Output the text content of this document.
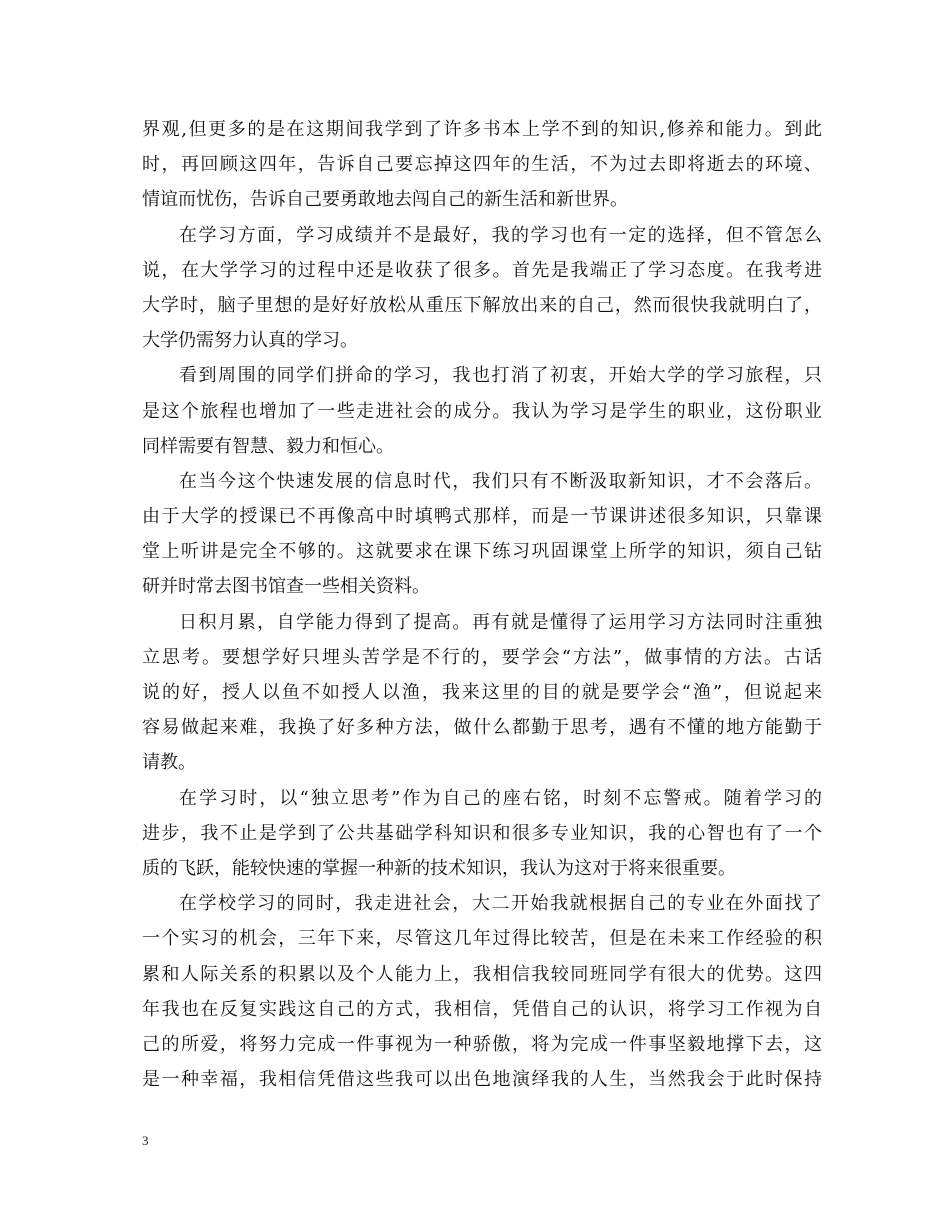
界观,但更多的是在这期间我学到了许多书本上学不到的知识,修养和能力。到此
时，再回顾这四年，告诉自己要忘掉这四年的生活，不为过去即将逝去的环境、
情谊而忧伤，告诉自己要勇敢地去闯自己的新生活和新世界。
在学习方面，学习成绩并不是最好，我的学习也有一定的选择，但不管怎么
说，在大学学习的过程中还是收获了很多。首先是我端正了学习态度。在我考进
大学时，脑子里想的是好好放松从重压下解放出来的自己，然而很快我就明白了，
大学仍需努力认真的学习。
看到周围的同学们拼命的学习，我也打消了初衷，开始大学的学习旅程，只
是这个旅程也增加了一些走进社会的成分。我认为学习是学生的职业，这份职业
同样需要有智慧、毅力和恒心。
在当今这个快速发展的信息时代，我们只有不断汲取新知识，才不会落后。
由于大学的授课已不再像高中时填鸭式那样，而是一节课讲述很多知识，只靠课
堂上听讲是完全不够的。这就要求在课下练习巩固课堂上所学的知识，须自己钻
研并时常去图书馆查一些相关资料。
日积月累，自学能力得到了提高。再有就是懂得了运用学习方法同时注重独
立思考。要想学好只埋头苦学是不行的，要学会“方法”，做事情的方法。古话
说的好，授人以鱼不如授人以渔，我来这里的目的就是要学会“渔”，但说起来
容易做起来难，我换了好多种方法，做什么都勤于思考，遇有不懂的地方能勤于
请教。
在学习时，以“独立思考”作为自己的座右铭，时刻不忘警戒。随着学习的
进步，我不止是学到了公共基础学科知识和很多专业知识，我的心智也有了一个
质的飞跃，能较快速的掌握一种新的技术知识，我认为这对于将来很重要。
在学校学习的同时，我走进社会，大二开始我就根据自己的专业在外面找了
一个实习的机会，三年下来，尽管这几年过得比较苦，但是在未来工作经验的积
累和人际关系的积累以及个人能力上，我相信我较同班同学有很大的优势。这四
年我也在反复实践这自己的方式，我相信，凭借自己的认识，将学习工作视为自
己的所爱，将努力完成一件事视为一种骄傲，将为完成一件事坚毅地撑下去，这
是一种幸福，我相信凭借这些我可以出色地演绎我的人生，当然我会于此时保持
3
